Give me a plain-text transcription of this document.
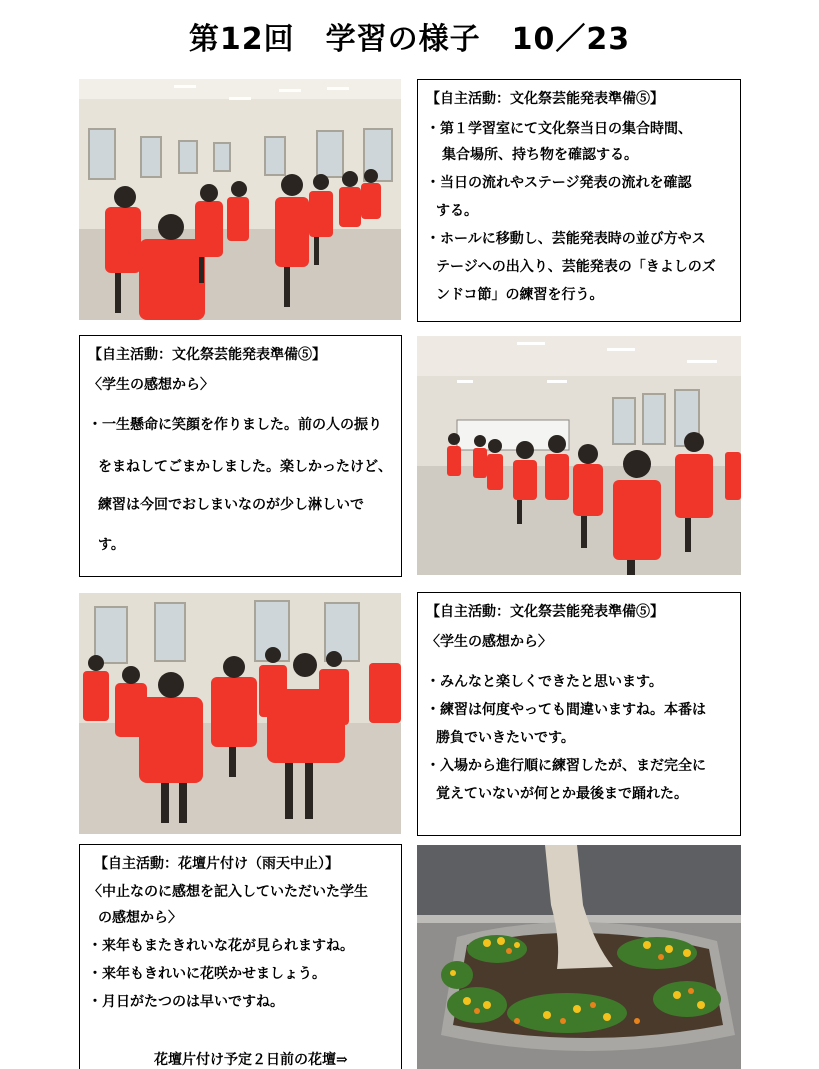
第12回　学習の様子　10／23
【自主活動：文化祭芸能発表準備⑤】
・第１学習室にて文化祭当日の集合時間、
集合場所、持ち物を確認する。
・当日の流れやステージ発表の流れを確認
する。
・ホールに移動し、芸能発表時の並び方やス
テージへの出入り、芸能発表の「きよしのズ
ンドコ節」の練習を行う。
【自主活動：文化祭芸能発表準備⑤】
〈学生の感想から〉
・一生懸命に笑顔を作りました。前の人の振り
をまねしてごまかしました。楽しかったけど、
練習は今回でおしまいなのが少し淋しいで
す。
【自主活動：文化祭芸能発表準備⑤】
〈学生の感想から〉
・みんなと楽しくできたと思います。
・練習は何度やっても間違いますね。本番は
勝負でいきたいです。
・入場から進行順に練習したが、まだ完全に
覚えていないが何とか最後まで踊れた。
【自主活動：花壇片付け（雨天中止）】
〈中止なのに感想を記入していただいた学生
の感想から〉
・来年もまたきれいな花が見られますね。
・来年もきれいに花咲かせましょう。
・月日がたつのは早いですね。
花壇片付け予定２日前の花壇⇒
